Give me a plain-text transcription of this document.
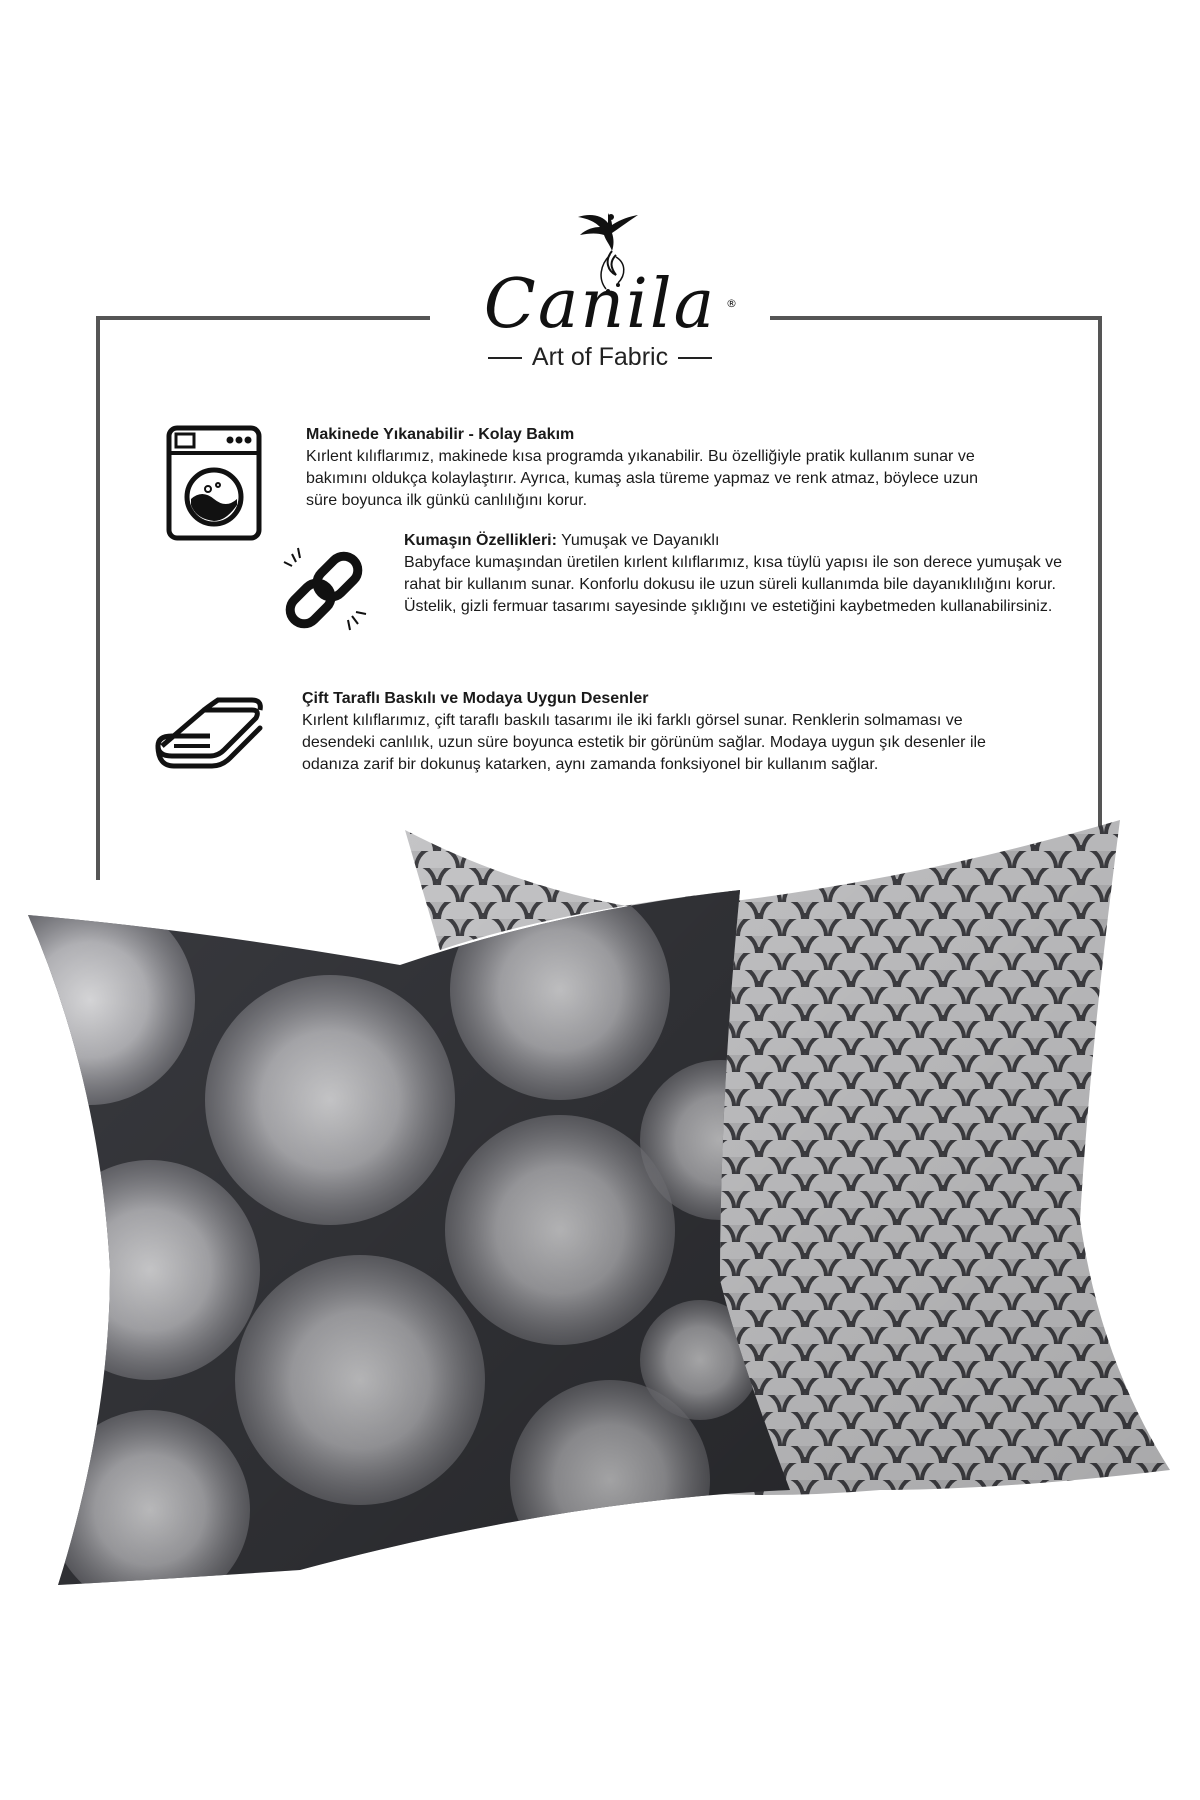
Canila ®
Art of Fabric
Makinede Yıkanabilir - Kolay Bakım
Kırlent kılıflarımız, makinede kısa programda yıkanabilir. Bu özelliğiyle pratik kullanım sunar ve bakımını oldukça kolaylaştırır. Ayrıca, kumaş asla türeme yapmaz ve renk atmaz, böylece uzun süre boyunca ilk günkü canlılığını korur.
Kumaşın Özellikleri: Yumuşak ve Dayanıklı
Babyface kumaşından üretilen kırlent kılıflarımız, kısa tüylü yapısı ile son derece yumuşak ve rahat bir kullanım sunar. Konforlu dokusu ile uzun süreli kullanımda bile dayanıklılığını korur. Üstelik, gizli fermuar tasarımı sayesinde şıklığını ve estetiğini kaybetmeden kullanabilirsiniz.
Çift Taraflı Baskılı ve Modaya Uygun Desenler
Kırlent kılıflarımız, çift taraflı baskılı tasarımı ile iki farklı görsel sunar. Renklerin solmaması ve desendeki canlılık, uzun süre boyunca estetik bir görünüm sağlar. Modaya uygun şık desenler ile odanıza zarif bir dokunuş katarken, aynı zamanda fonksiyonel bir kullanım sağlar.
